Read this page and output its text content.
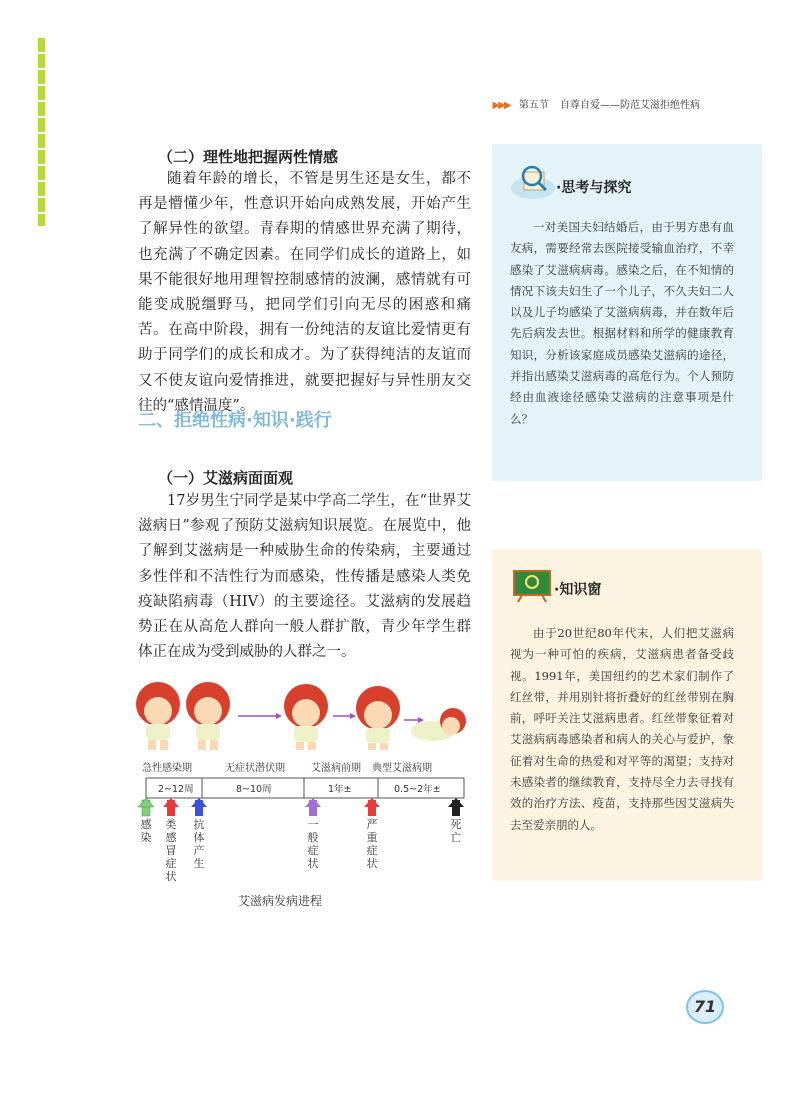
▶▶▶ 第五节 自尊自爱——防范艾滋拒绝性病
（二）理性地把握两性情感

随着年龄的增长，不管是男生还是女生，都不再是懵懂少年，性意识开始向成熟发展，开始产生了解异性的欲望。青春期的情感世界充满了期待，也充满了不确定因素。在同学们成长的道路上，如果不能很好地用理智控制感情的波澜，感情就有可能变成脱缰野马，把同学们引向无尽的困惑和痛苦。在高中阶段，拥有一份纯洁的友谊比爱情更有助于同学们的成长和成才。为了获得纯洁的友谊而又不使友谊向爱情推进，就要把握好与异性朋友交往的“感情温度”。

二、拒绝性病·知识·践行
（一）艾滋病面面观

17岁男生宁同学是某中学高二学生，在“世界艾滋病日”参观了预防艾滋病知识展览。在展览中，他了解到艾滋病是一种威胁生命的传染病，主要通过多性伴和不洁性行为而感染，性传播是感染人类免疫缺陷病毒（HIV）的主要途径。艾滋病的发展趋势正在从高危人群向一般人群扩散，青少年学生群体正在成为受到威胁的人群之一。

急性感染期	无症状潜伏期	艾滋病前期 典型艾滋病期
2~12周	8~10周	1年±	0.5~2年±
感染
类感冒症状
抗体产生
一般症状
严重症状
死亡
艾滋病发病进程
·思考与探究

一对美国夫妇结婚后，由于男方患有血友病，需要经常去医院接受输血治疗，不幸感染了艾滋病病毒。感染之后，在不知情的情况下该夫妇生了一个儿子，不久夫妇二人以及儿子均感染了艾滋病病毒，并在数年后先后病发去世。根据材料和所学的健康教育知识，分析该家庭成员感染艾滋病的途径，并指出感染艾滋病毒的高危行为。个人预防经由血液途径感染艾滋病的注意事项是什么？

·知识窗

由于20世纪80年代末，人们把艾滋病视为一种可怕的疾病，艾滋病患者备受歧视。1991年，美国纽约的艺术家们制作了红丝带，并用别针将折叠好的红丝带别在胸前，呼吁关注艾滋病患者。红丝带象征着对艾滋病病毒感染者和病人的关心与爱护，象征着对生命的热爱和对平等的渴望；支持对未感染者的继续教育，支持尽全力去寻找有效的治疗方法、疫苗，支持那些因艾滋病失去至爱亲朋的人。

71
